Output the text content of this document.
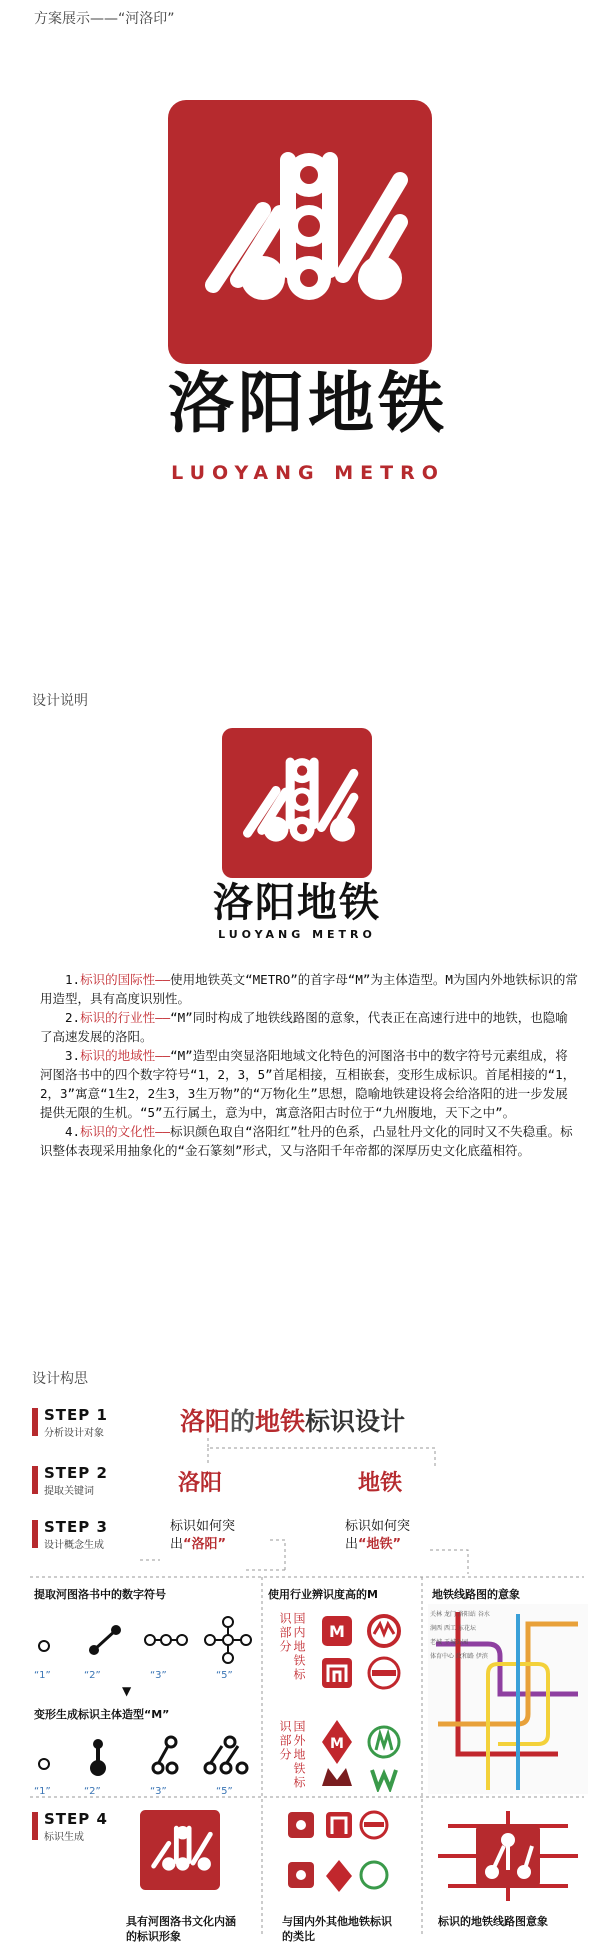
方案展示——“河洛印”
洛阳地铁
LUOYANG METRO
设计说明
洛阳地铁
LUOYANG METRO

1.标识的国际性——使用地铁英文“METRO”的首字母“M”为主体造型。M为国内外地铁标识的常用造型，具有高度识别性。

2.标识的行业性——“M”同时构成了地铁线路图的意象，代表正在高速行进中的地铁，也隐喻了高速发展的洛阳。

3.标识的地域性——“M”造型由突显洛阳地域文化特色的河图洛书中的数字符号元素组成，将河图洛书中的四个数字符号“1，2，3，5”首尾相接，互相嵌套，变形生成标识。首尾相接的“1，2，3”寓意“1生2，2生3，3生万物”的“万物化生”思想，隐喻地铁建设将会给洛阳的进一步发展提供无限的生机。“5”五行属土，意为中，寓意洛阳古时位于“九州腹地，天下之中”。

4.标识的文化性——标识颜色取自“洛阳红”牡丹的色系，凸显牡丹文化的同时又不失稳重。标识整体表现采用抽象化的“金石篆刻”形式，又与洛阳千年帝都的深厚历史文化底蕴相符。

设计构思
STEP 1
分析设计对象
STEP 2
提取关键词
STEP 3
设计概念生成
洛阳的地铁标识设计
洛阳	地铁
标识如何突
出“洛阳”
标识如何突
出“地铁”
提取河图洛书中的数字符号
“1”	“2”	“3”	“5”
▼
变形生成标识主体造型“M”
“1”	“2”	“3”	“5”
使用行业辨识度高的M
国内地铁标识部分
国外地铁标识部分
M
M
地铁线路图的意象
关林 龙门 洛阳站 谷水
涧西 西工 东花坛
老城 王城公园
体育中心 政和路 伊滨
STEP 4
标识生成
具有河图洛书文化内涵的标识形象
与国内外其他地铁标识的类比
标识的地铁线路图意象
